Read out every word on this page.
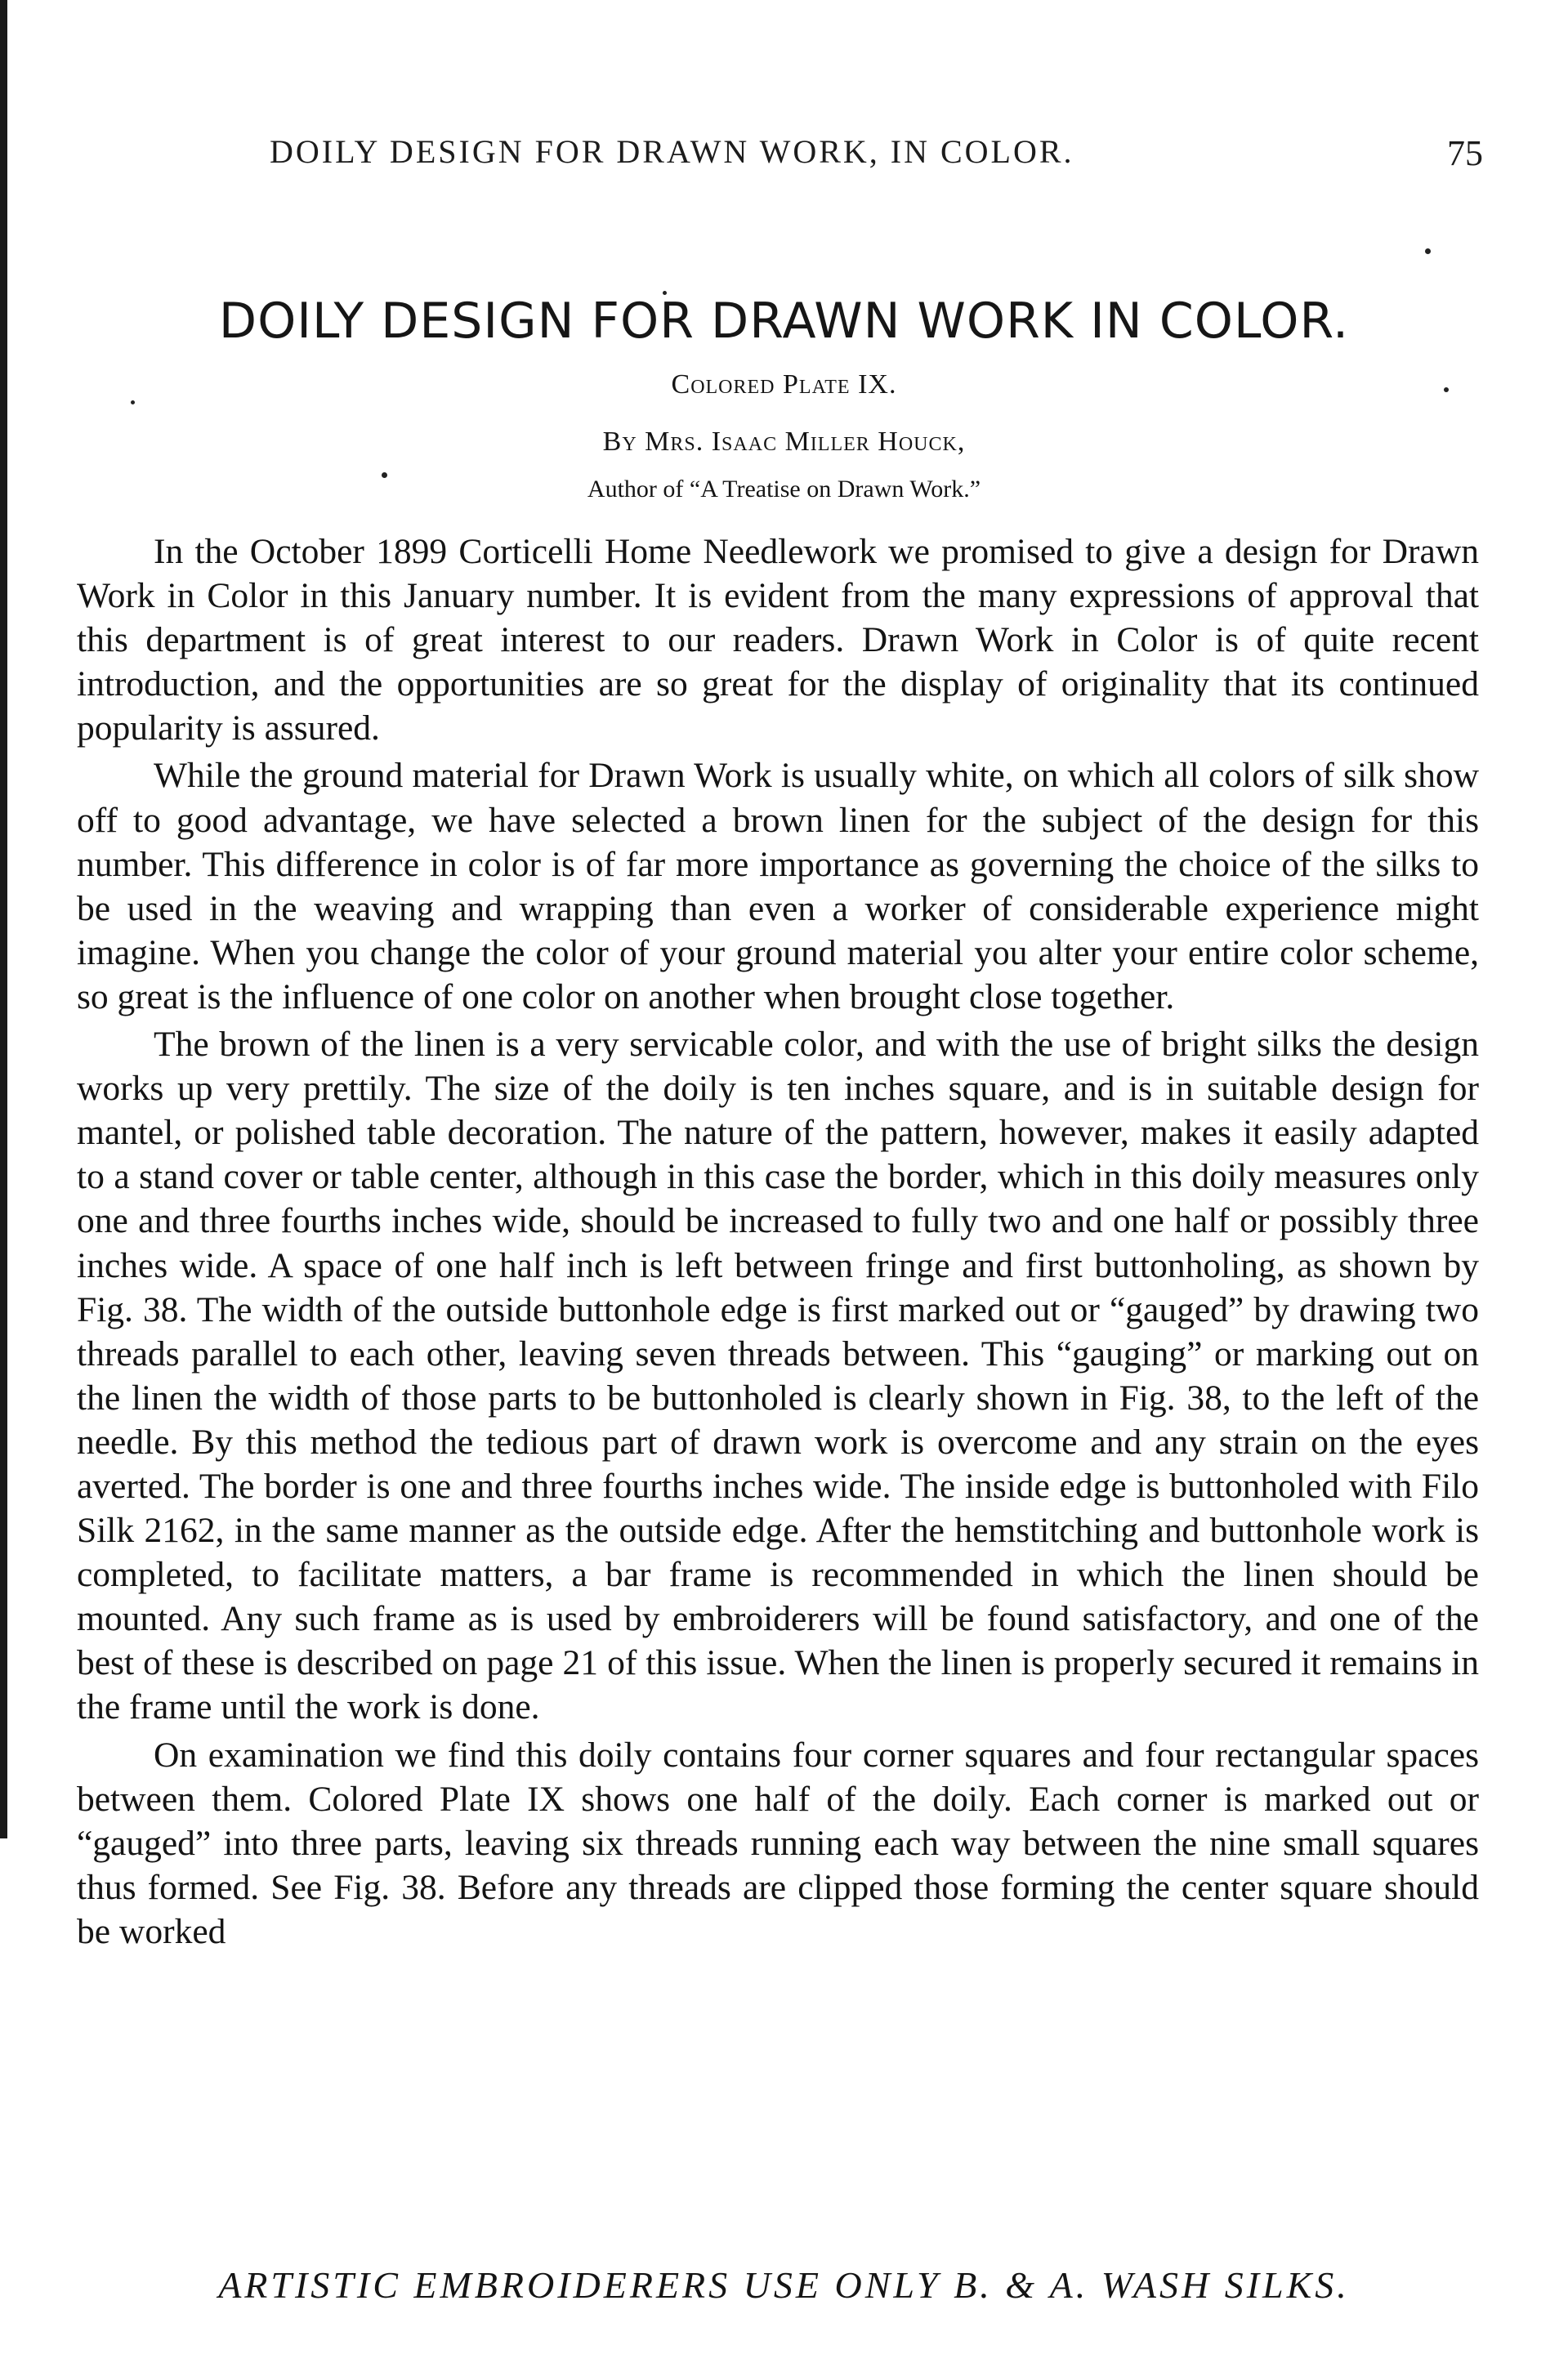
DOILY DESIGN FOR DRAWN WORK, IN COLOR.	75
DOILY DESIGN FOR DRAWN WORK IN COLOR.
Colored Plate IX.
By Mrs. Isaac Miller Houck,
Author of “A Treatise on Drawn Work.”

In the October 1899 Corticelli Home Needlework we promised to give a design for Drawn Work in Color in this January number. It is evident from the many expressions of approval that this department is of great interest to our readers. Drawn Work in Color is of quite recent introduction, and the opportunities are so great for the display of originality that its continued popularity is assured.

While the ground material for Drawn Work is usually white, on which all colors of silk show off to good advantage, we have selected a brown linen for the subject of the design for this number. This difference in color is of far more importance as governing the choice of the silks to be used in the weaving and wrapping than even a worker of considerable experience might imagine. When you change the color of your ground material you alter your entire color scheme, so great is the influence of one color on another when brought close together.

The brown of the linen is a very servicable color, and with the use of bright silks the design works up very prettily. The size of the doily is ten inches square, and is in suitable design for mantel, or polished table decoration. The nature of the pattern, however, makes it easily adapted to a stand cover or table center, although in this case the border, which in this doily measures only one and three fourths inches wide, should be increased to fully two and one half or possibly three inches wide. A space of one half inch is left between fringe and first buttonholing, as shown by Fig. 38. The width of the outside buttonhole edge is first marked out or “gauged” by drawing two threads parallel to each other, leaving seven threads between. This “gauging” or marking out on the linen the width of those parts to be buttonholed is clearly shown in Fig. 38, to the left of the needle. By this method the tedious part of drawn work is overcome and any strain on the eyes averted. The border is one and three fourths inches wide. The inside edge is buttonholed with Filo Silk 2162, in the same manner as the outside edge. After the hemstitching and buttonhole work is completed, to facilitate matters, a bar frame is recommended in which the linen should be mounted. Any such frame as is used by embroiderers will be found satisfactory, and one of the best of these is described on page 21 of this issue. When the linen is properly secured it remains in the frame until the work is done.

On examination we find this doily contains four corner squares and four rectangular spaces between them. Colored Plate IX shows one half of the doily. Each corner is marked out or “gauged” into three parts, leaving six threads running each way between the nine small squares thus formed. See Fig. 38. Before any threads are clipped those forming the center square should be worked

ARTISTIC EMBROIDERERS USE ONLY B. & A. WASH SILKS.
